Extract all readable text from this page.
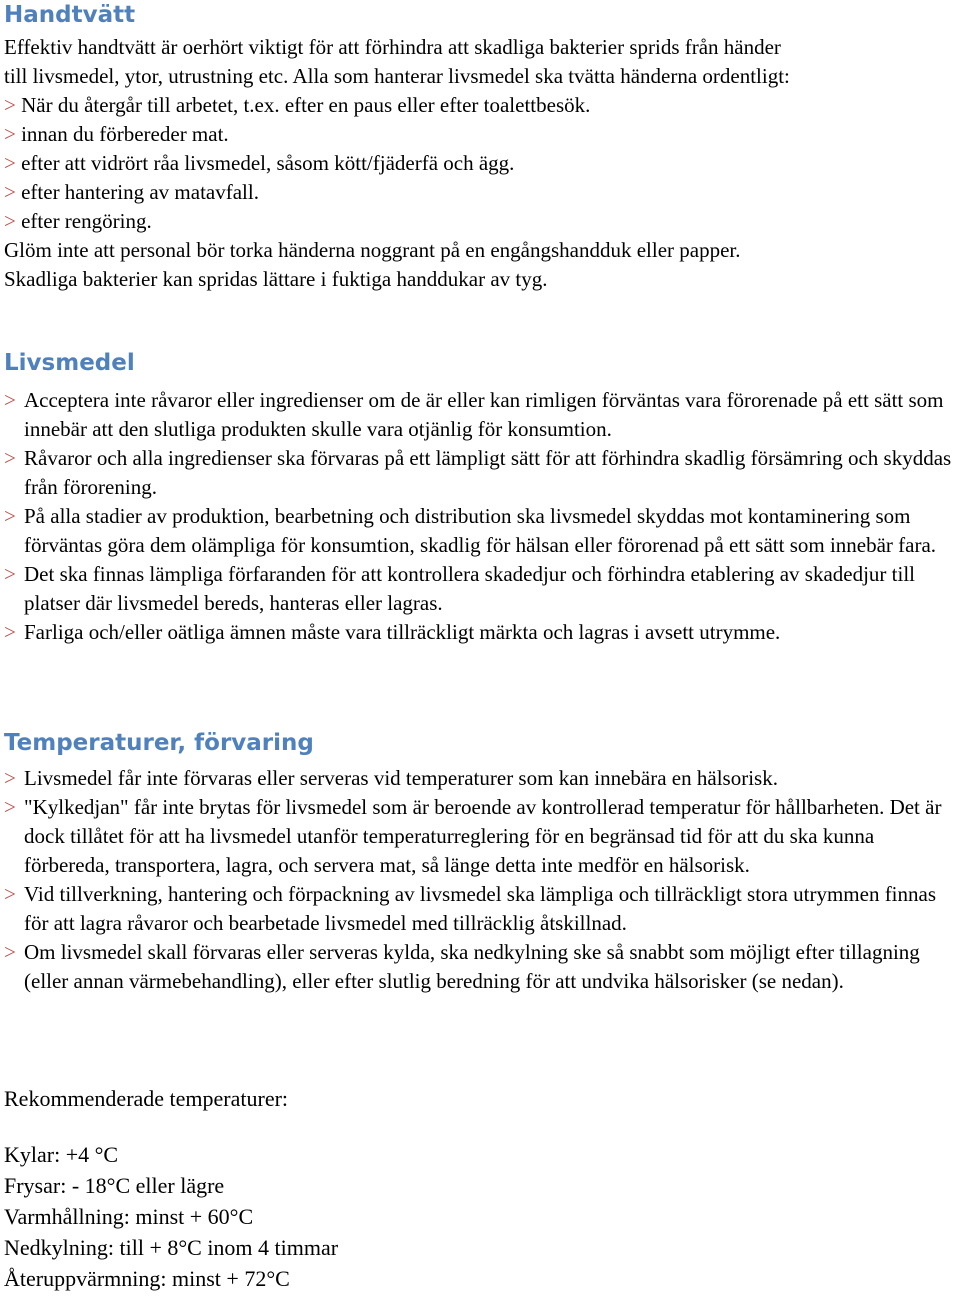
Handtvätt
Effektiv handtvätt är oerhört viktigt för att förhindra att skadliga bakterier sprids från händer
till livsmedel, ytor, utrustning etc. Alla som hanterar livsmedel ska tvätta händerna ordentligt:
> När du återgår till arbetet, t.ex. efter en paus eller efter toalettbesök.
> innan du förbereder mat.
> efter att vidrört råa livsmedel, såsom kött/fjäderfä och ägg.
> efter hantering av matavfall.
> efter rengöring.
Glöm inte att personal bör torka händerna noggrant på en engångshandduk eller papper.
Skadliga bakterier kan spridas lättare i fuktiga handdukar av tyg.
Livsmedel
> Acceptera inte råvaror eller ingredienser om de är eller kan rimligen förväntas vara förorenade på ett sätt som innebär att den slutliga produkten skulle vara otjänlig för konsumtion.
> Råvaror och alla ingredienser ska förvaras på ett lämpligt sätt för att förhindra skadlig försämring och skyddas från förorening.
> På alla stadier av produktion, bearbetning och distribution ska livsmedel skyddas mot kontaminering som förväntas göra dem olämpliga för konsumtion, skadlig för hälsan eller förorenad på ett sätt som innebär fara.
> Det ska finnas lämpliga förfaranden för att kontrollera skadedjur och förhindra etablering av skadedjur till platser där livsmedel bereds, hanteras eller lagras.
> Farliga och/eller oätliga ämnen måste vara tillräckligt märkta och lagras i avsett utrymme.
Temperaturer, förvaring
> Livsmedel får inte förvaras eller serveras vid temperaturer som kan innebära en hälsorisk.
> "Kylkedjan" får inte brytas för livsmedel som är beroende av kontrollerad temperatur för hållbarheten. Det är dock tillåtet för att ha livsmedel utanför temperaturreglering för en begränsad tid för att du ska kunna förbereda, transportera, lagra, och servera mat, så länge detta inte medför en hälsorisk.
> Vid tillverkning, hantering och förpackning av livsmedel ska lämpliga och tillräckligt stora utrymmen finnas för att lagra råvaror och bearbetade livsmedel med tillräcklig åtskillnad.
> Om livsmedel skall förvaras eller serveras kylda, ska nedkylning ske så snabbt som möjligt efter tillagning (eller annan värmebehandling), eller efter slutlig beredning för att undvika hälsorisker (se nedan).
Rekommenderade temperaturer:
Kylar: +4 °C
Frysar: - 18°C eller lägre
Varmhållning: minst + 60°C
Nedkylning: till + 8°C inom 4 timmar
Återuppvärmning: minst + 72°C
